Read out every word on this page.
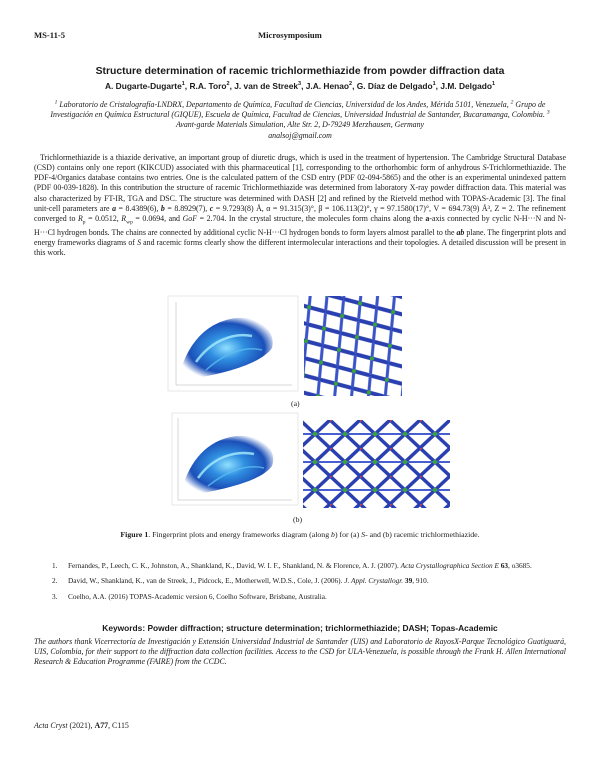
MS-11-5	Microsymposium
Structure determination of racemic trichlormethiazide from powder diffraction data
A. Dugarte-Dugarte$^1$, R.A. Toro$^2$, J. van de Streek$^3$, J.A. Henao$^2$, G. Díaz de Delgado$^1$, J.M. Delgado$^1$
$^1$ Laboratorio de Cristalografía-LNDRX, Departamento de Química, Facultad de Ciencias, Universidad de los Andes, Mérida 5101, Venezuela, $^2$ Grupo de Investigación en Química Estructural (GIQUE), Escuela de Química, Facultad de Ciencias, Universidad Industrial de Santander, Bucaramanga, Colombia. $^3$ Avant-garde Materials Simulation, Alte Str. 2, D-79249 Merzhausen, Germany
analsoj@gmail.com
Trichlormethiazide is a thiazide derivative, an important group of diuretic drugs, which is used in the treatment of hypertension. The Cambridge Structural Database (CSD) contains only one report (KIKCUD) associated with this pharmaceutical [1], corresponding to the orthorhombic form of anhydrous S-Trichlormethiazide. The PDF-4/Organics database contains two entries. One is the calculated pattern of the CSD entry (PDF 02-094-5865) and the other is an experimental unindexed pattern (PDF 00-039-1828). In this contribution the structure of racemic Trichlormethiazide was determined from laboratory X-ray powder diffraction data. This material was also characterized by FT-IR, TGA and DSC. The structure was determined with DASH [2] and refined by the Rietveld method with TOPAS-Academic [3]. The final unit-cell parameters are a = 8.4389(6), b = 8.8929(7), c = 9.7293(8) Å, α = 91.315(3)°, β = 106.113(2)°, γ = 97.1580(17)°, V = 694.73(9) Å³, Z = 2. The refinement converged to $R_p = 0.0512$, $R_{wp} = 0.0694$, and GoF = 2.704. In the crystal structure, the molecules form chains along the a-axis connected by cyclic N-H···N and N-H···Cl hydrogen bonds. The chains are connected by additional cyclic N-H···Cl hydrogen bonds to form layers almost parallel to the ab plane. The fingerprint plots and energy frameworks diagrams of S and racemic forms clearly show the different intermolecular interactions and their topologies. A detailed discussion will be present in this work.
(a)
(b)
Figure 1. Fingerprint plots and energy frameworks diagram (along b) for (a) S- and (b) racemic trichlormethiazide.
1. Fernandes, P., Leech, C. K., Johnston, A., Shankland, K., David, W. I. F., Shankland, N. & Florence, A. J. (2007). Acta Crystallographica Section E 63, o3685.
2. David, W., Shankland, K., van de Streek, J., Pidcock, E., Motherwell, W.D.S., Cole, J. (2006). J. Appl. Crystallogr. 39, 910.
3. Coelho, A.A. (2016) TOPAS-Academic version 6, Coelho Software, Brisbane, Australia.
Keywords: Powder diffraction; structure determination; trichlormethiazide; DASH; Topas-Academic
The authors thank Vicerrectoría de Investigación y Extensión Universidad Industrial de Santander (UIS) and Laboratorio de RayosX-Parque Tecnológico Guatiguará, UIS, Colombia, for their support to the diffraction data collection facilities. Access to the CSD for ULA-Venezuela, is possible through the Frank H. Allen International Research & Education Programme (FAIRE) from the CCDC.
Acta Cryst (2021), A77, C115
